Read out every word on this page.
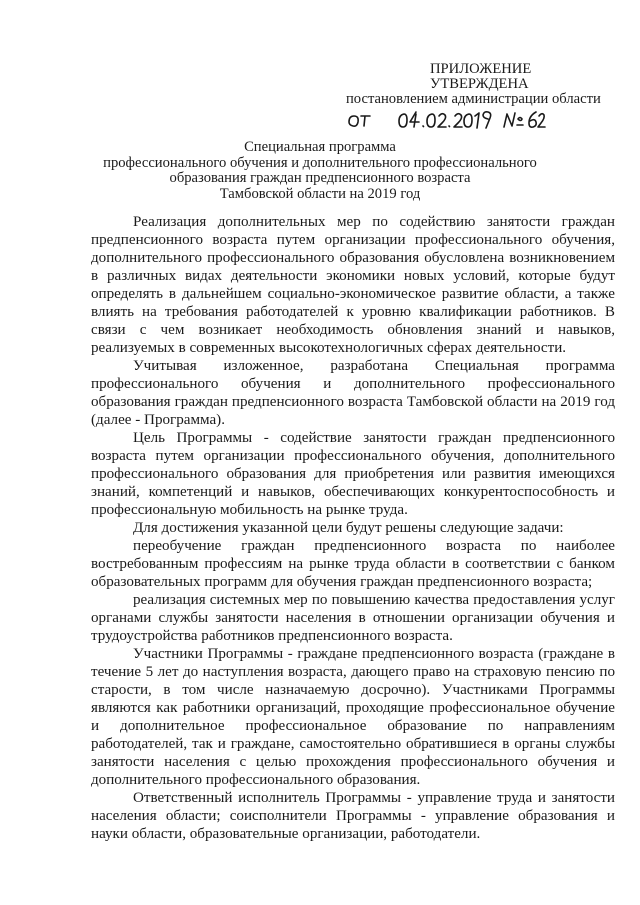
ПРИЛОЖЕНИЕ
УТВЕРЖДЕНА
постановлением администрации области
Специальная программа
профессионального обучения и дополнительного профессионального
образования граждан предпенсионного возраста
Тамбовской области на 2019 год

Реализация дополнительных мер по содействию занятости граждан предпенсионного возраста путем организации профессионального обучения, дополнительного профессионального образования обусловлена возникновением в различных видах деятельности экономики новых условий, которые будут определять в дальнейшем социально-экономическое развитие области, а также влиять на требования работодателей к уровню квалификации работников. В связи с чем возникает необходимость обновления знаний и навыков, реализуемых в современных высокотехнологичных сферах деятельности.

Учитывая изложенное, разработана Специальная программа профессионального обучения и дополнительного профессионального образования граждан предпенсионного возраста Тамбовской области на 2019 год (далее - Программа).

Цель Программы - содействие занятости граждан предпенсионного возраста путем организации профессионального обучения, дополнительного профессионального образования для приобретения или развития имеющихся знаний, компетенций и навыков, обеспечивающих конкурентоспособность и профессиональную мобильность на рынке труда.

Для достижения указанной цели будут решены следующие задачи:

переобучение граждан предпенсионного возраста по наиболее востребованным профессиям на рынке труда области в соответствии с банком образовательных программ для обучения граждан предпенсионного возраста;

реализация системных мер по повышению качества предоставления услуг органами службы занятости населения в отношении организации обучения и трудоустройства работников предпенсионного возраста.

Участники Программы - граждане предпенсионного возраста (граждане в течение 5 лет до наступления возраста, дающего право на страховую пенсию по старости, в том числе назначаемую досрочно). Участниками Программы являются как работники организаций, проходящие профессиональное обучение и дополнительное профессиональное образование по направлениям работодателей, так и граждане, самостоятельно обратившиеся в органы службы занятости населения с целью прохождения профессионального обучения и дополнительного профессионального образования.

Ответственный исполнитель Программы - управление труда и занятости населения области; соисполнители Программы - управление образования и науки области, образовательные организации, работодатели.
